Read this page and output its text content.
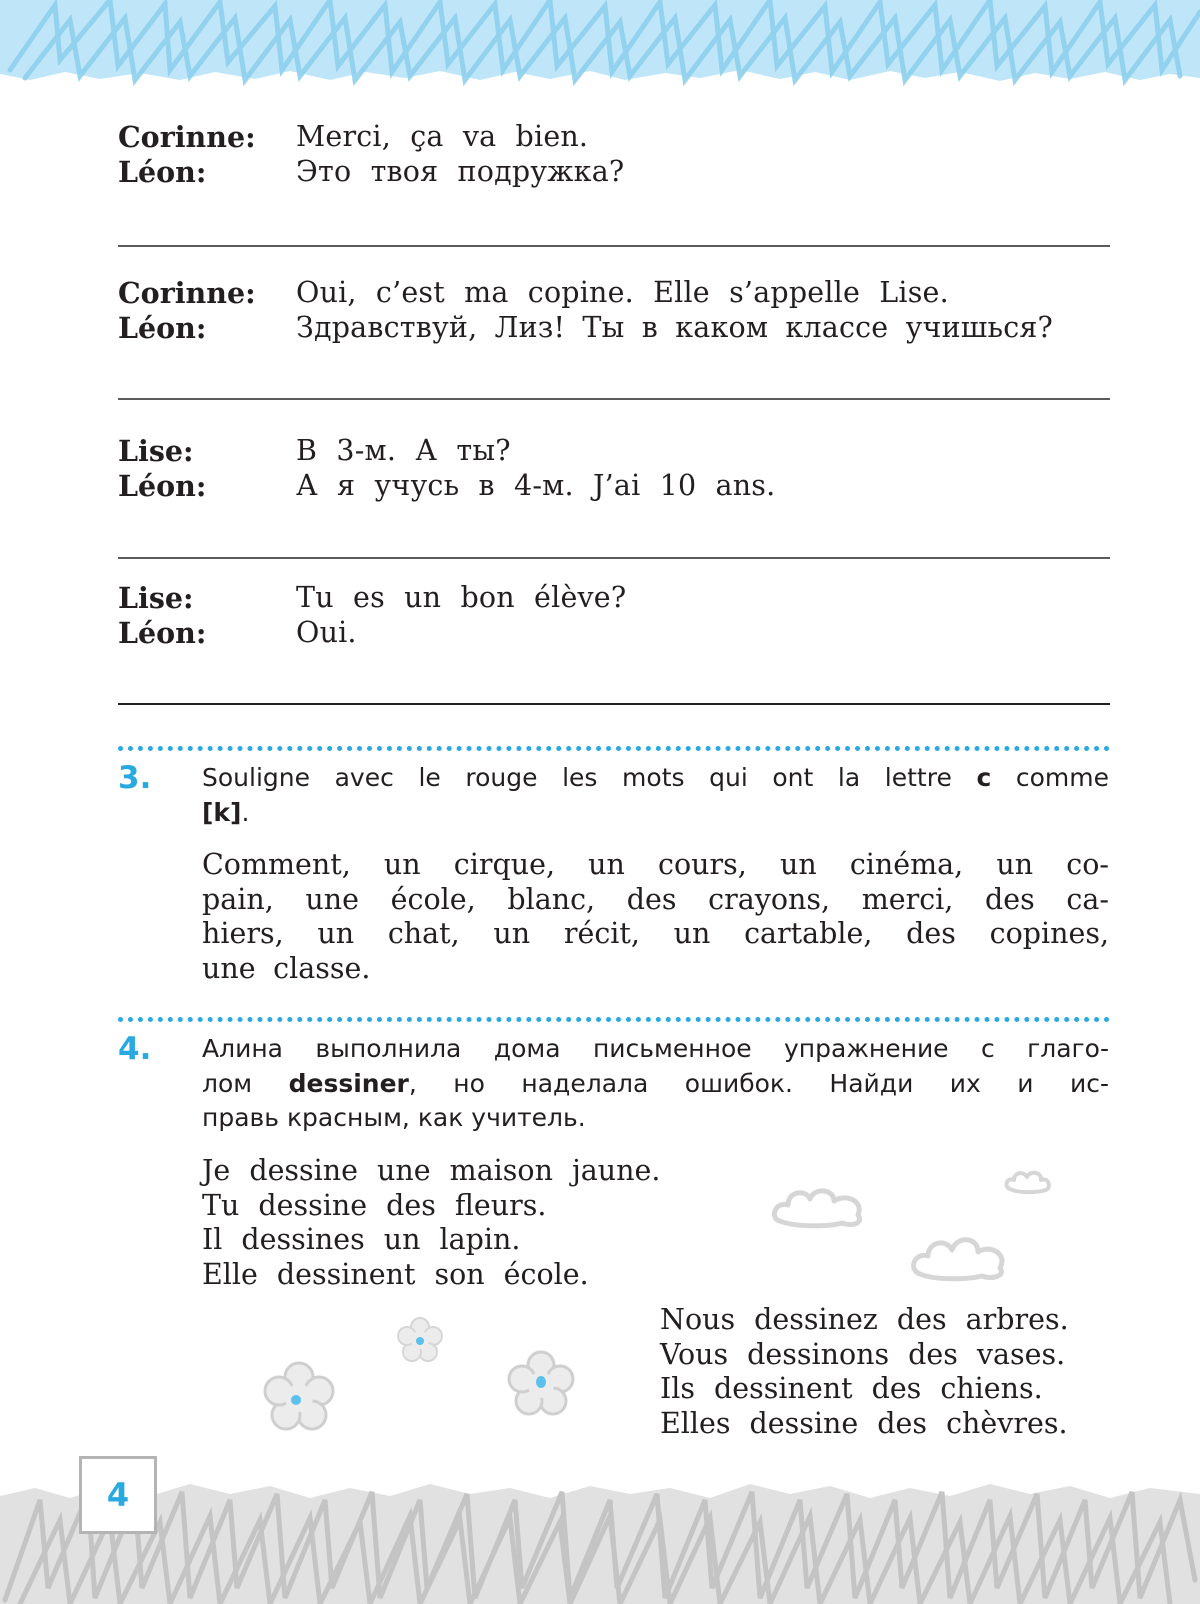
Corinne:	Merci, ça va bien.
Léon:	Это твоя подружка?
Corinne:	Oui, c’est ma copine. Elle s’appelle Lise.
Léon:	Здравствуй, Лиз! Ты в каком классе учишься?
Lise:	В 3-м. А ты?
Léon:	А я учусь в 4-м. J’ai 10 ans.
Lise:	Tu es un bon élève?
Léon:	Oui.
3. Souligne avec le rouge les mots qui ont la lettre c comme
[k].
Comment, un cirque, un cours, un cinéma, un co-
pain, une école, blanc, des crayons, merci, des ca-
hiers, un chat, un récit, un cartable, des copines,
une classe.
4. Алина выполнила дома письменное упражнение с глаго-
лом dessiner, но наделала ошибок. Найди их и ис-
правь красным, как учитель.
Je dessine une maison jaune.
Tu dessine des fleurs.
Il dessines un lapin.
Elle dessinent son école.
Nous dessinez des arbres.
Vous dessinons des vases.
Ils dessinent des chiens.
Elles dessine des chèvres.
4
